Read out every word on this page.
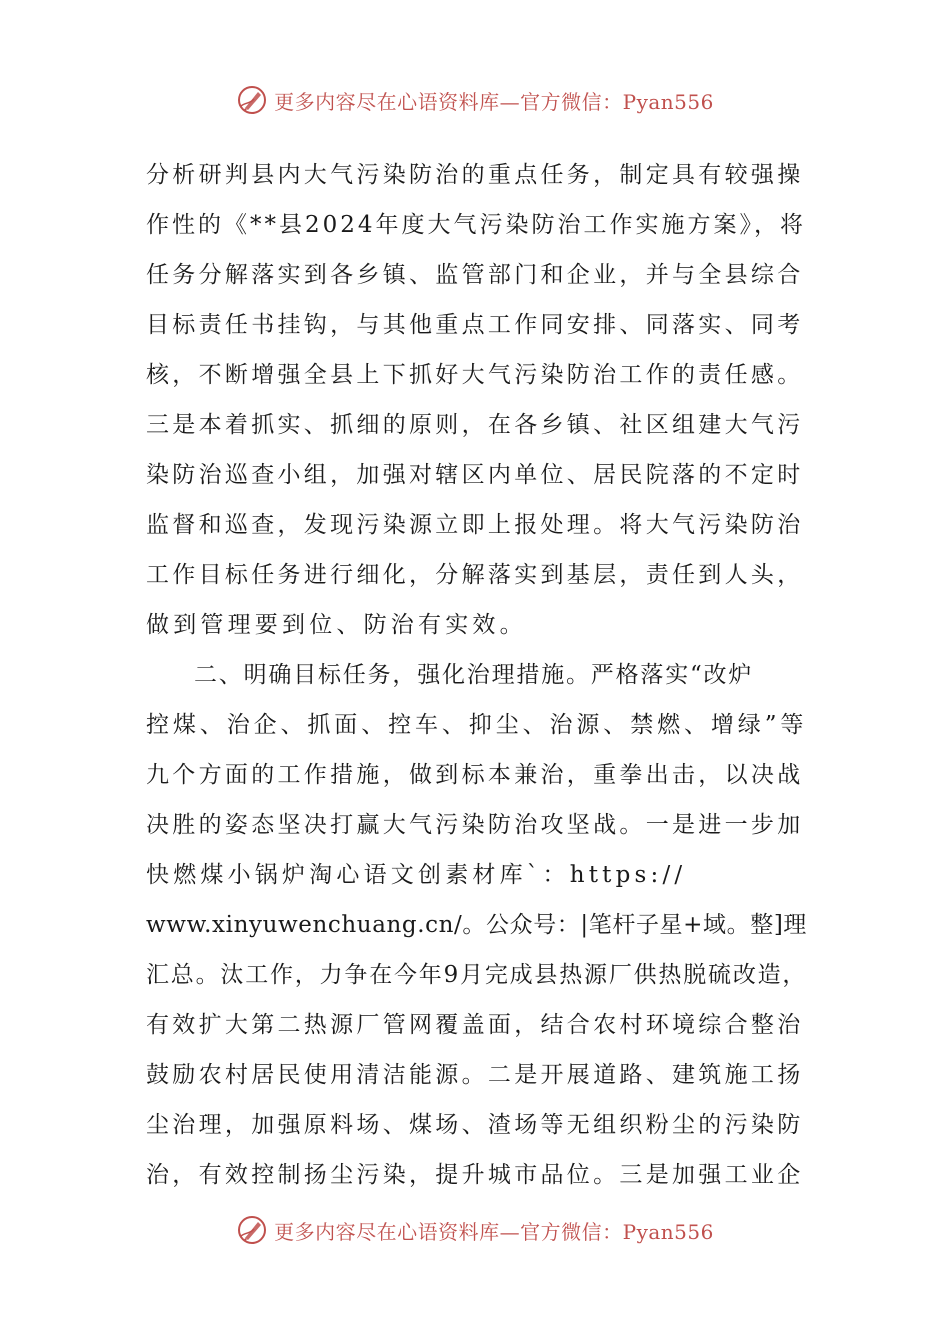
更多内容尽在心语资料库—官方微信：Pyan556
分析研判县内大气污染防治的重点任务，制定具有较强操
作性的《**县2024年度大气污染防治工作实施方案》，将
任务分解落实到各乡镇、监管部门和企业，并与全县综合
目标责任书挂钩，与其他重点工作同安排、同落实、同考
核，不断增强全县上下抓好大气污染防治工作的责任感。
三是本着抓实、抓细的原则，在各乡镇、社区组建大气污
染防治巡查小组，加强对辖区内单位、居民院落的不定时
监督和巡查，发现污染源立即上报处理。将大气污染防治
工作目标任务进行细化，分解落实到基层，责任到人头，
做到管理要到位、防治有实效。
二、明确目标任务，强化治理措施。严格落实“改炉
控煤、治企、抓面、控车、抑尘、治源、禁燃、增绿”等
九个方面的工作措施，做到标本兼治，重拳出击，以决战
决胜的姿态坚决打赢大气污染防治攻坚战。一是进一步加
快燃煤小锅炉淘心语文创素材库`：https://
www.xinyuwenchuang.cn/。公众号：|笔杆子星+域。整]理
汇总。汰工作，力争在今年9月完成县热源厂供热脱硫改造，
有效扩大第二热源厂管网覆盖面，结合农村环境综合整治
鼓励农村居民使用清洁能源。二是开展道路、建筑施工扬
尘治理，加强原料场、煤场、渣场等无组织粉尘的污染防
治，有效控制扬尘污染，提升城市品位。三是加强工业企
更多内容尽在心语资料库—官方微信：Pyan556
